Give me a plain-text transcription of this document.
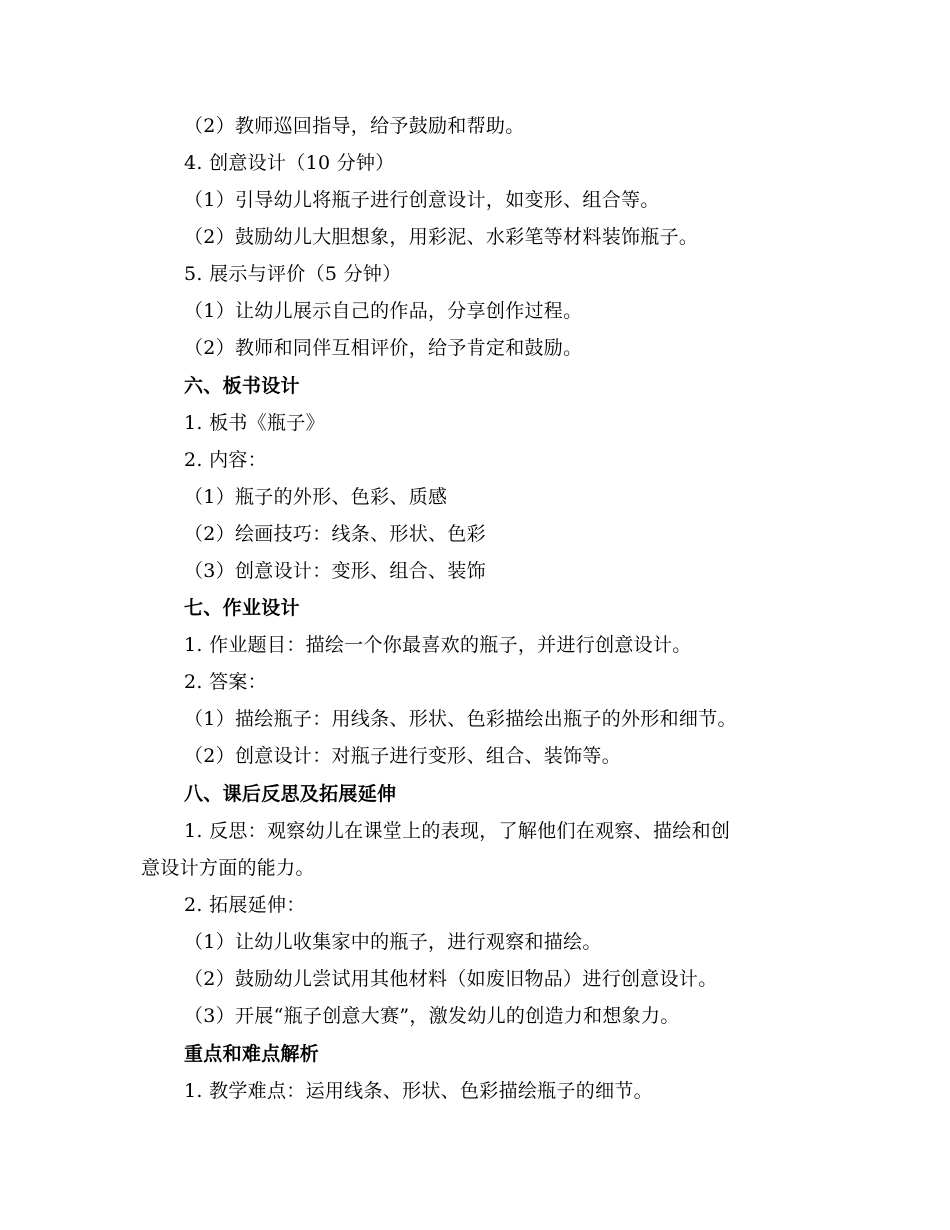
（2）教师巡回指导，给予鼓励和帮助。
4. 创意设计（10 分钟）
（1）引导幼儿将瓶子进行创意设计，如变形、组合等。
（2）鼓励幼儿大胆想象，用彩泥、水彩笔等材料装饰瓶子。
5. 展示与评价（5 分钟）
（1）让幼儿展示自己的作品，分享创作过程。
（2）教师和同伴互相评价，给予肯定和鼓励。
六、板书设计
1. 板书《瓶子》
2. 内容：
（1）瓶子的外形、色彩、质感
（2）绘画技巧：线条、形状、色彩
（3）创意设计：变形、组合、装饰
七、作业设计
1. 作业题目：描绘一个你最喜欢的瓶子，并进行创意设计。
2. 答案：
（1）描绘瓶子：用线条、形状、色彩描绘出瓶子的外形和细节。
（2）创意设计：对瓶子进行变形、组合、装饰等。
八、课后反思及拓展延伸
1. 反思：观察幼儿在课堂上的表现，了解他们在观察、描绘和创
意设计方面的能力。
2. 拓展延伸：
（1）让幼儿收集家中的瓶子，进行观察和描绘。
（2）鼓励幼儿尝试用其他材料（如废旧物品）进行创意设计。
（3）开展“瓶子创意大赛”，激发幼儿的创造力和想象力。
重点和难点解析
1. 教学难点：运用线条、形状、色彩描绘瓶子的细节。
